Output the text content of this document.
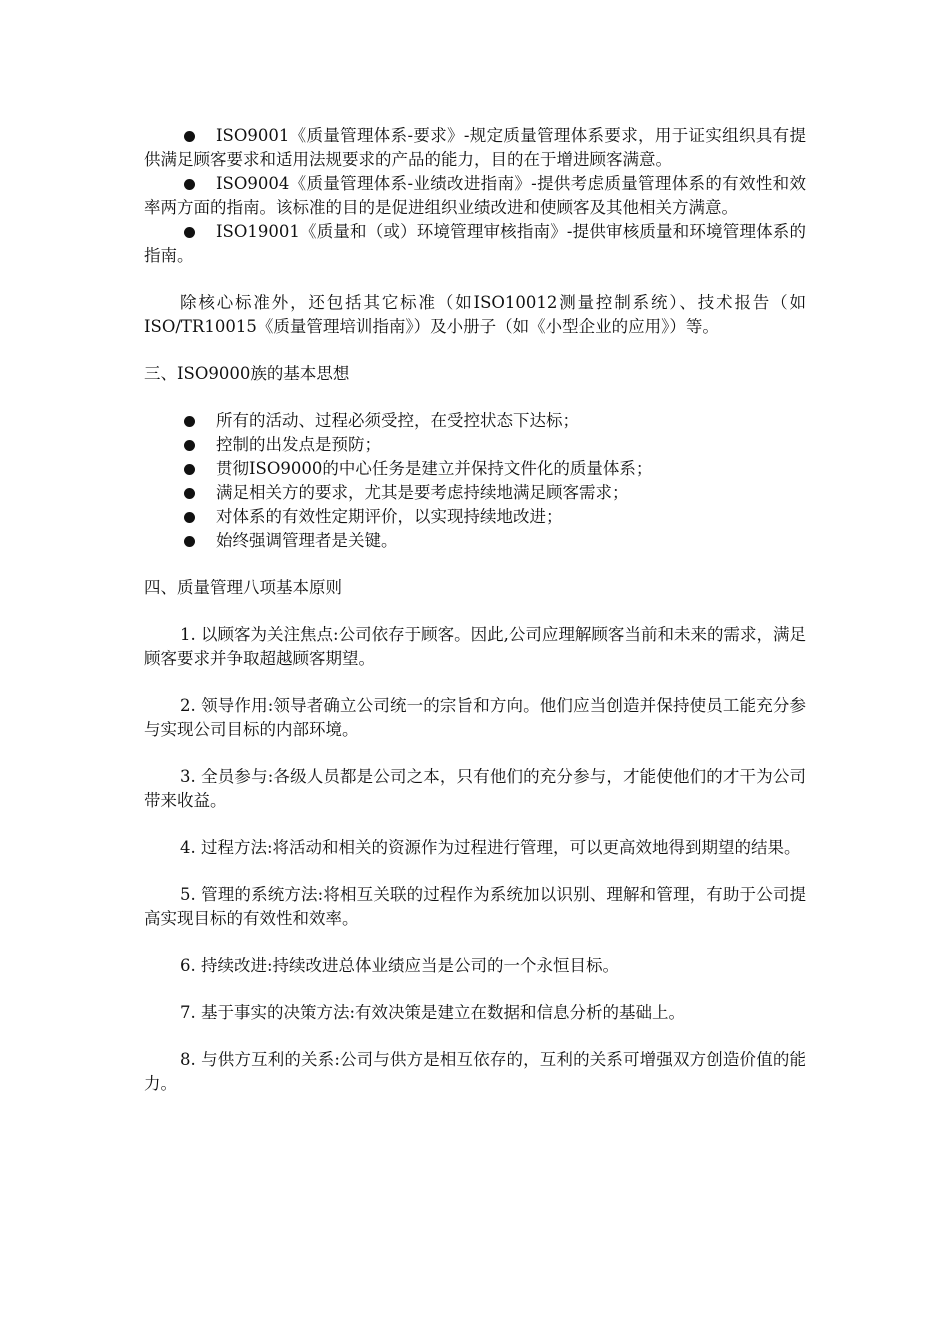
ISO9001《质量管理体系-要求》-规定质量管理体系要求，用于证实组织具有提供满足顾客要求和适用法规要求的产品的能力，目的在于增进顾客满意。

ISO9004《质量管理体系-业绩改进指南》-提供考虑质量管理体系的有效性和效率两方面的指南。该标准的目的是促进组织业绩改进和使顾客及其他相关方满意。

ISO19001《质量和（或）环境管理审核指南》-提供审核质量和环境管理体系的指南。

除核心标准外，还包括其它标准（如ISO10012测量控制系统）、技术报告（如ISO/TR10015《质量管理培训指南》）及小册子（如《小型企业的应用》）等。

三、ISO9000族的基本思想

所有的活动、过程必须受控，在受控状态下达标；

控制的出发点是预防；

贯彻ISO9000的中心任务是建立并保持文件化的质量体系；

满足相关方的要求，尤其是要考虑持续地满足顾客需求；

对体系的有效性定期评价，以实现持续地改进；

始终强调管理者是关键。

四、质量管理八项基本原则

1. 以顾客为关注焦点:公司依存于顾客。因此,公司应理解顾客当前和未来的需求，满足顾客要求并争取超越顾客期望。

2. 领导作用:领导者确立公司统一的宗旨和方向。他们应当创造并保持使员工能充分参与实现公司目标的内部环境。

3. 全员参与:各级人员都是公司之本，只有他们的充分参与，才能使他们的才干为公司带来收益。

4. 过程方法:将活动和相关的资源作为过程进行管理，可以更高效地得到期望的结果。

5. 管理的系统方法:将相互关联的过程作为系统加以识别、理解和管理，有助于公司提高实现目标的有效性和效率。

6. 持续改进:持续改进总体业绩应当是公司的一个永恒目标。

7. 基于事实的决策方法:有效决策是建立在数据和信息分析的基础上。

8. 与供方互利的关系:公司与供方是相互依存的，互利的关系可增强双方创造价值的能力。
